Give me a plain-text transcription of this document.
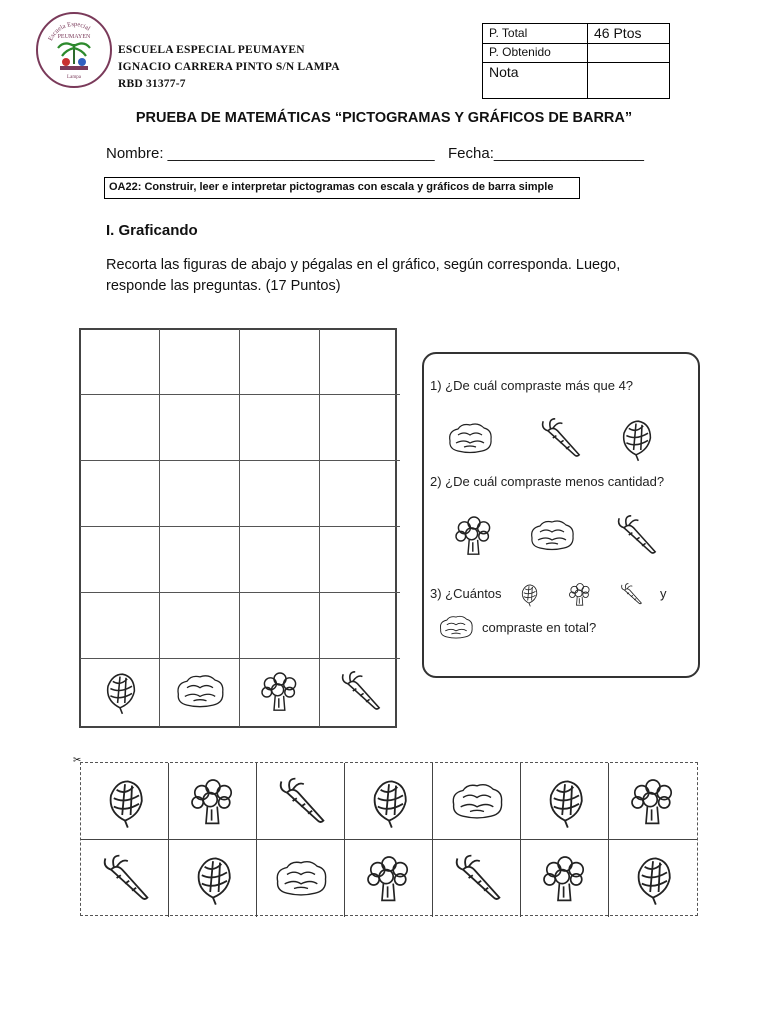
Escuela Especial
PEUMAYEN
Lampa
ESCUELA ESPECIAL PEUMAYEN
IGNACIO CARRERA PINTO S/N LAMPA
RBD 31377-7
P. Total	46 Ptos
P. Obtenido
Nota
PRUEBA DE MATEMÁTICAS “PICTOGRAMAS Y GRÁFICOS DE BARRA”
Nombre: ________________________________ Fecha:__________________
OA22: Construir, leer e interpretar pictogramas con escala y gráficos de barra simple
I. Graficando
Recorta las figuras de abajo y pégalas en el gráfico, según corresponda. Luego, responde las preguntas. (17 Puntos)
1) ¿De cuál compraste más que 4?
2) ¿De cuál compraste menos cantidad?
3) ¿Cuántos	y
compraste en total?
✂
